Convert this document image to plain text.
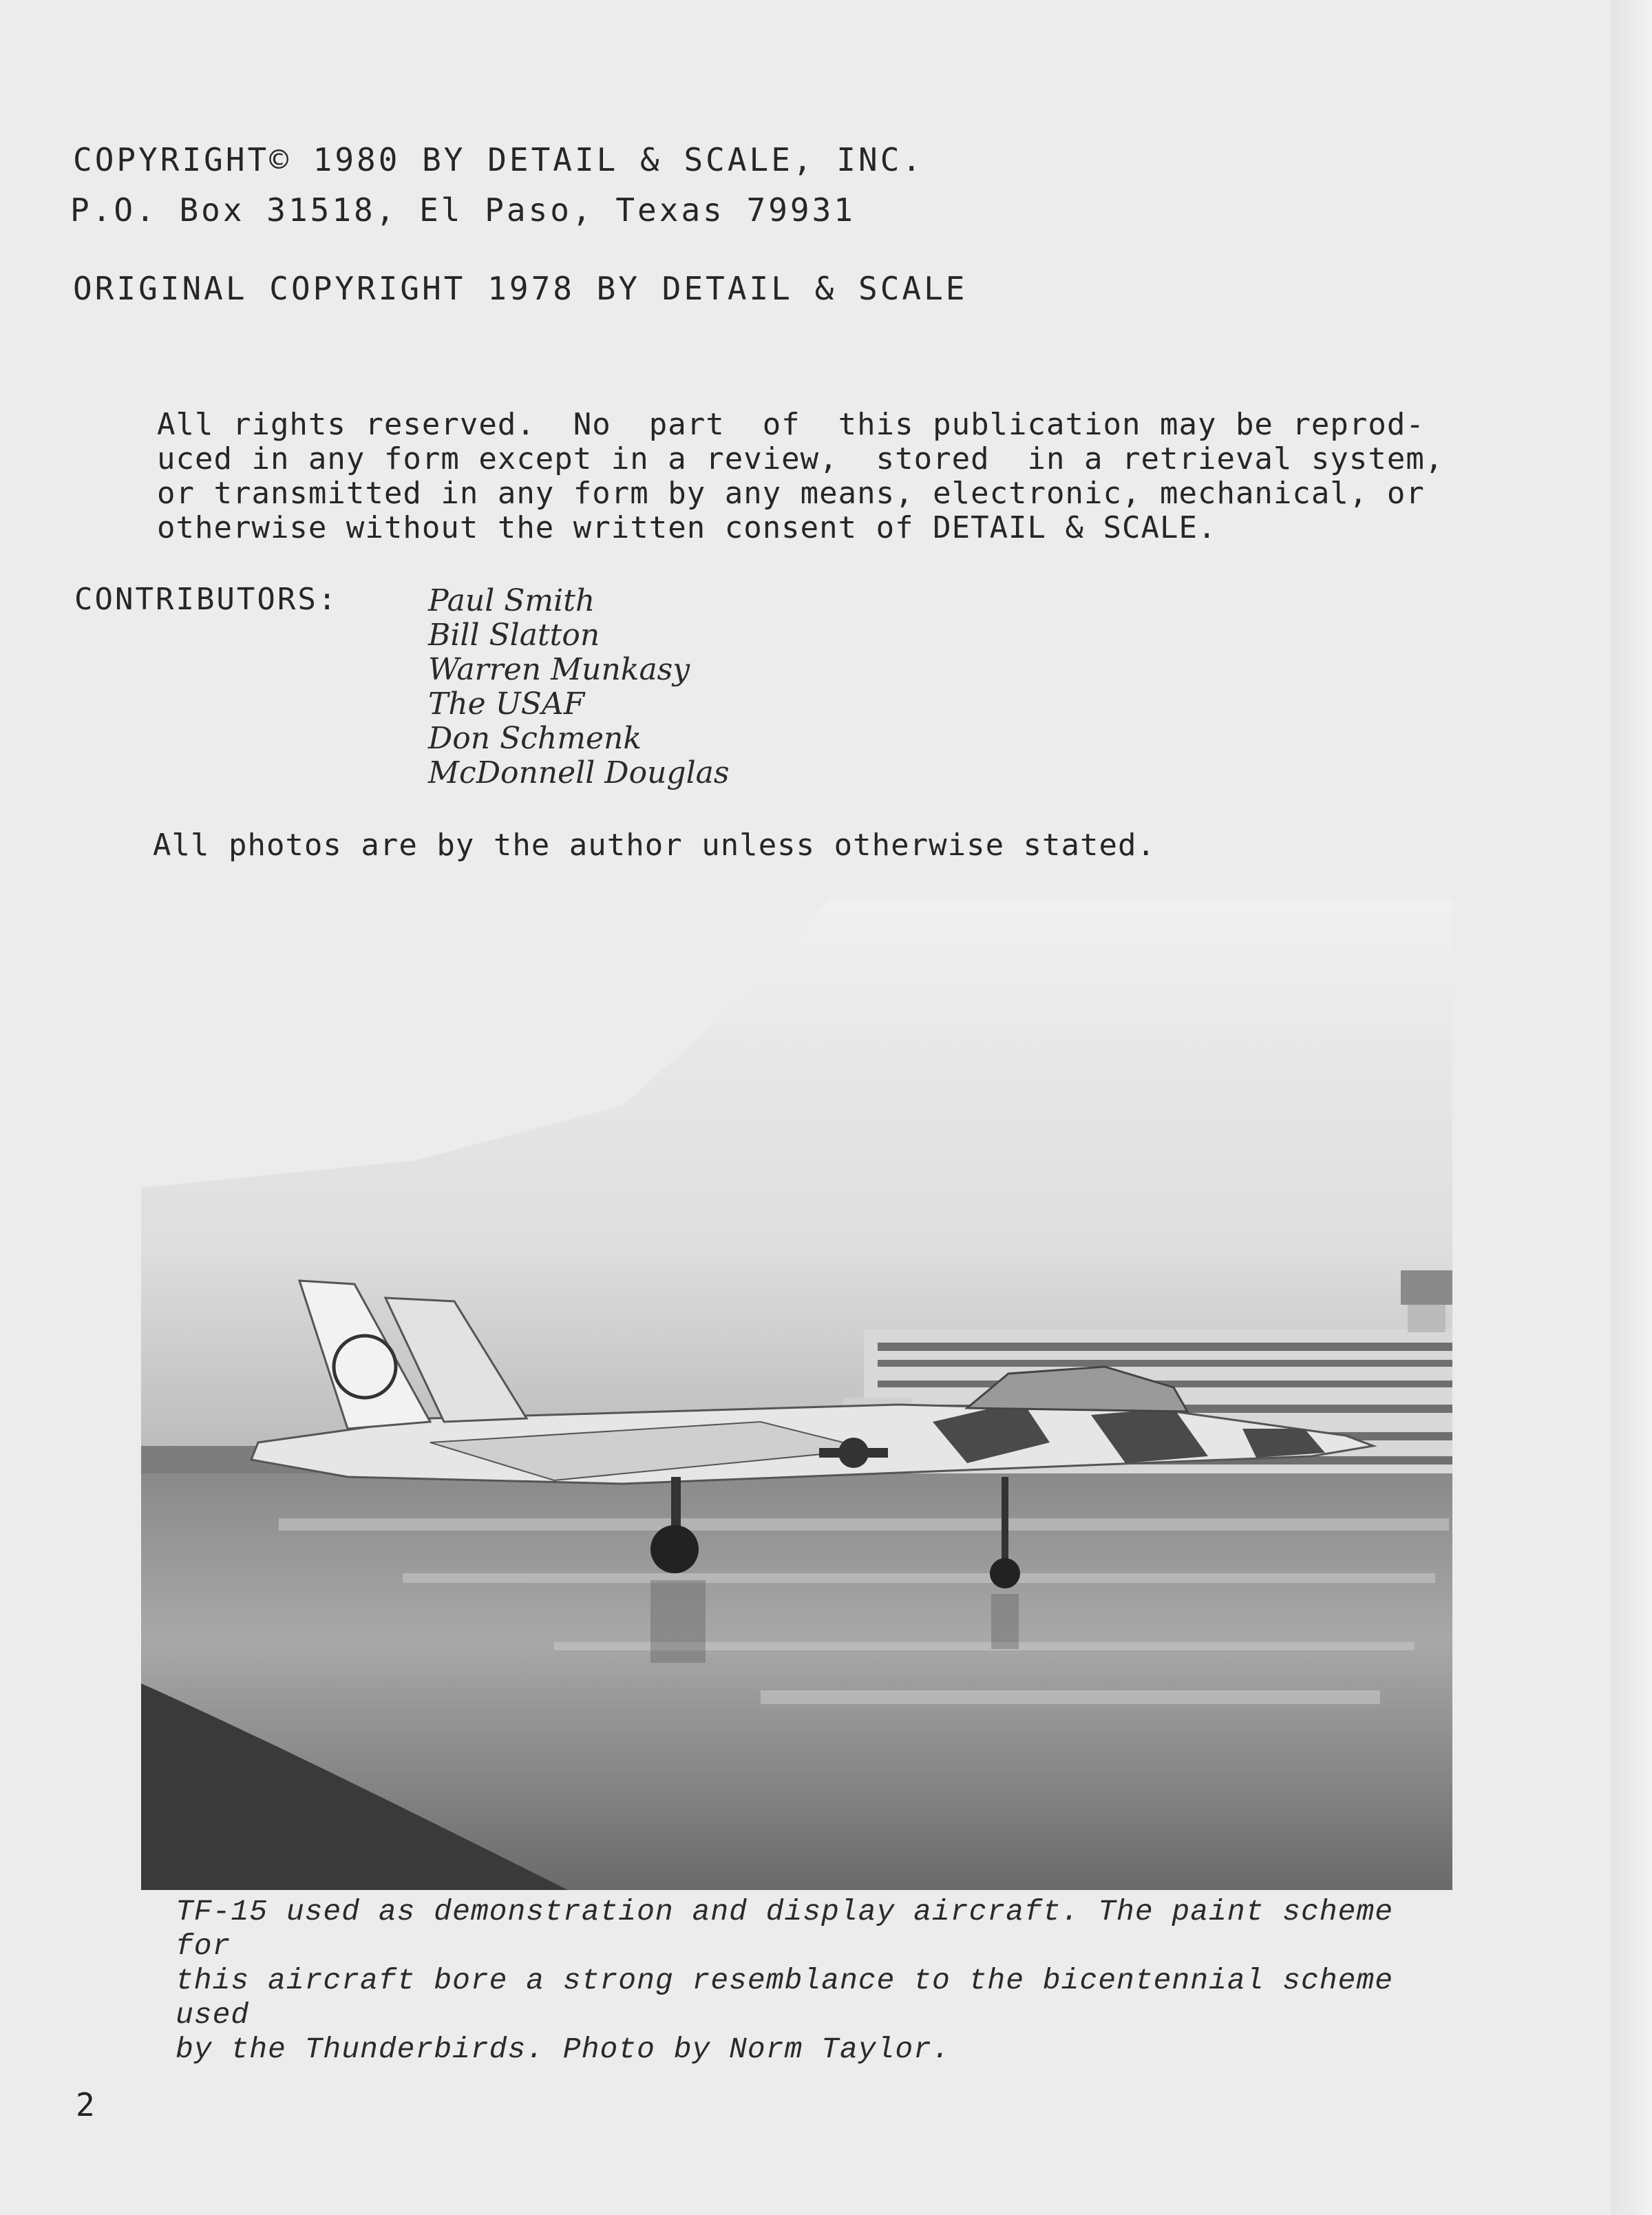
COPYRIGHT© 1980 BY DETAIL & SCALE, INC.
P.O. Box 31518, El Paso, Texas 79931
ORIGINAL COPYRIGHT 1978 BY DETAIL & SCALE
All rights reserved.  No  part  of  this publication may be reprod-
uced in any form except in a review,  stored  in a retrieval system,
or transmitted in any form by any means, electronic, mechanical, or
otherwise without the written consent of DETAIL & SCALE.
CONTRIBUTORS:	Paul Smith
Bill Slatton
Warren Munkasy
The USAF
Don Schmenk
McDonnell Douglas
All photos are by the author unless otherwise stated.
TF-15 used as demonstration and display aircraft. The paint scheme for
this aircraft bore a strong resemblance to the bicentennial scheme used
by the Thunderbirds. Photo by Norm Taylor.
2
